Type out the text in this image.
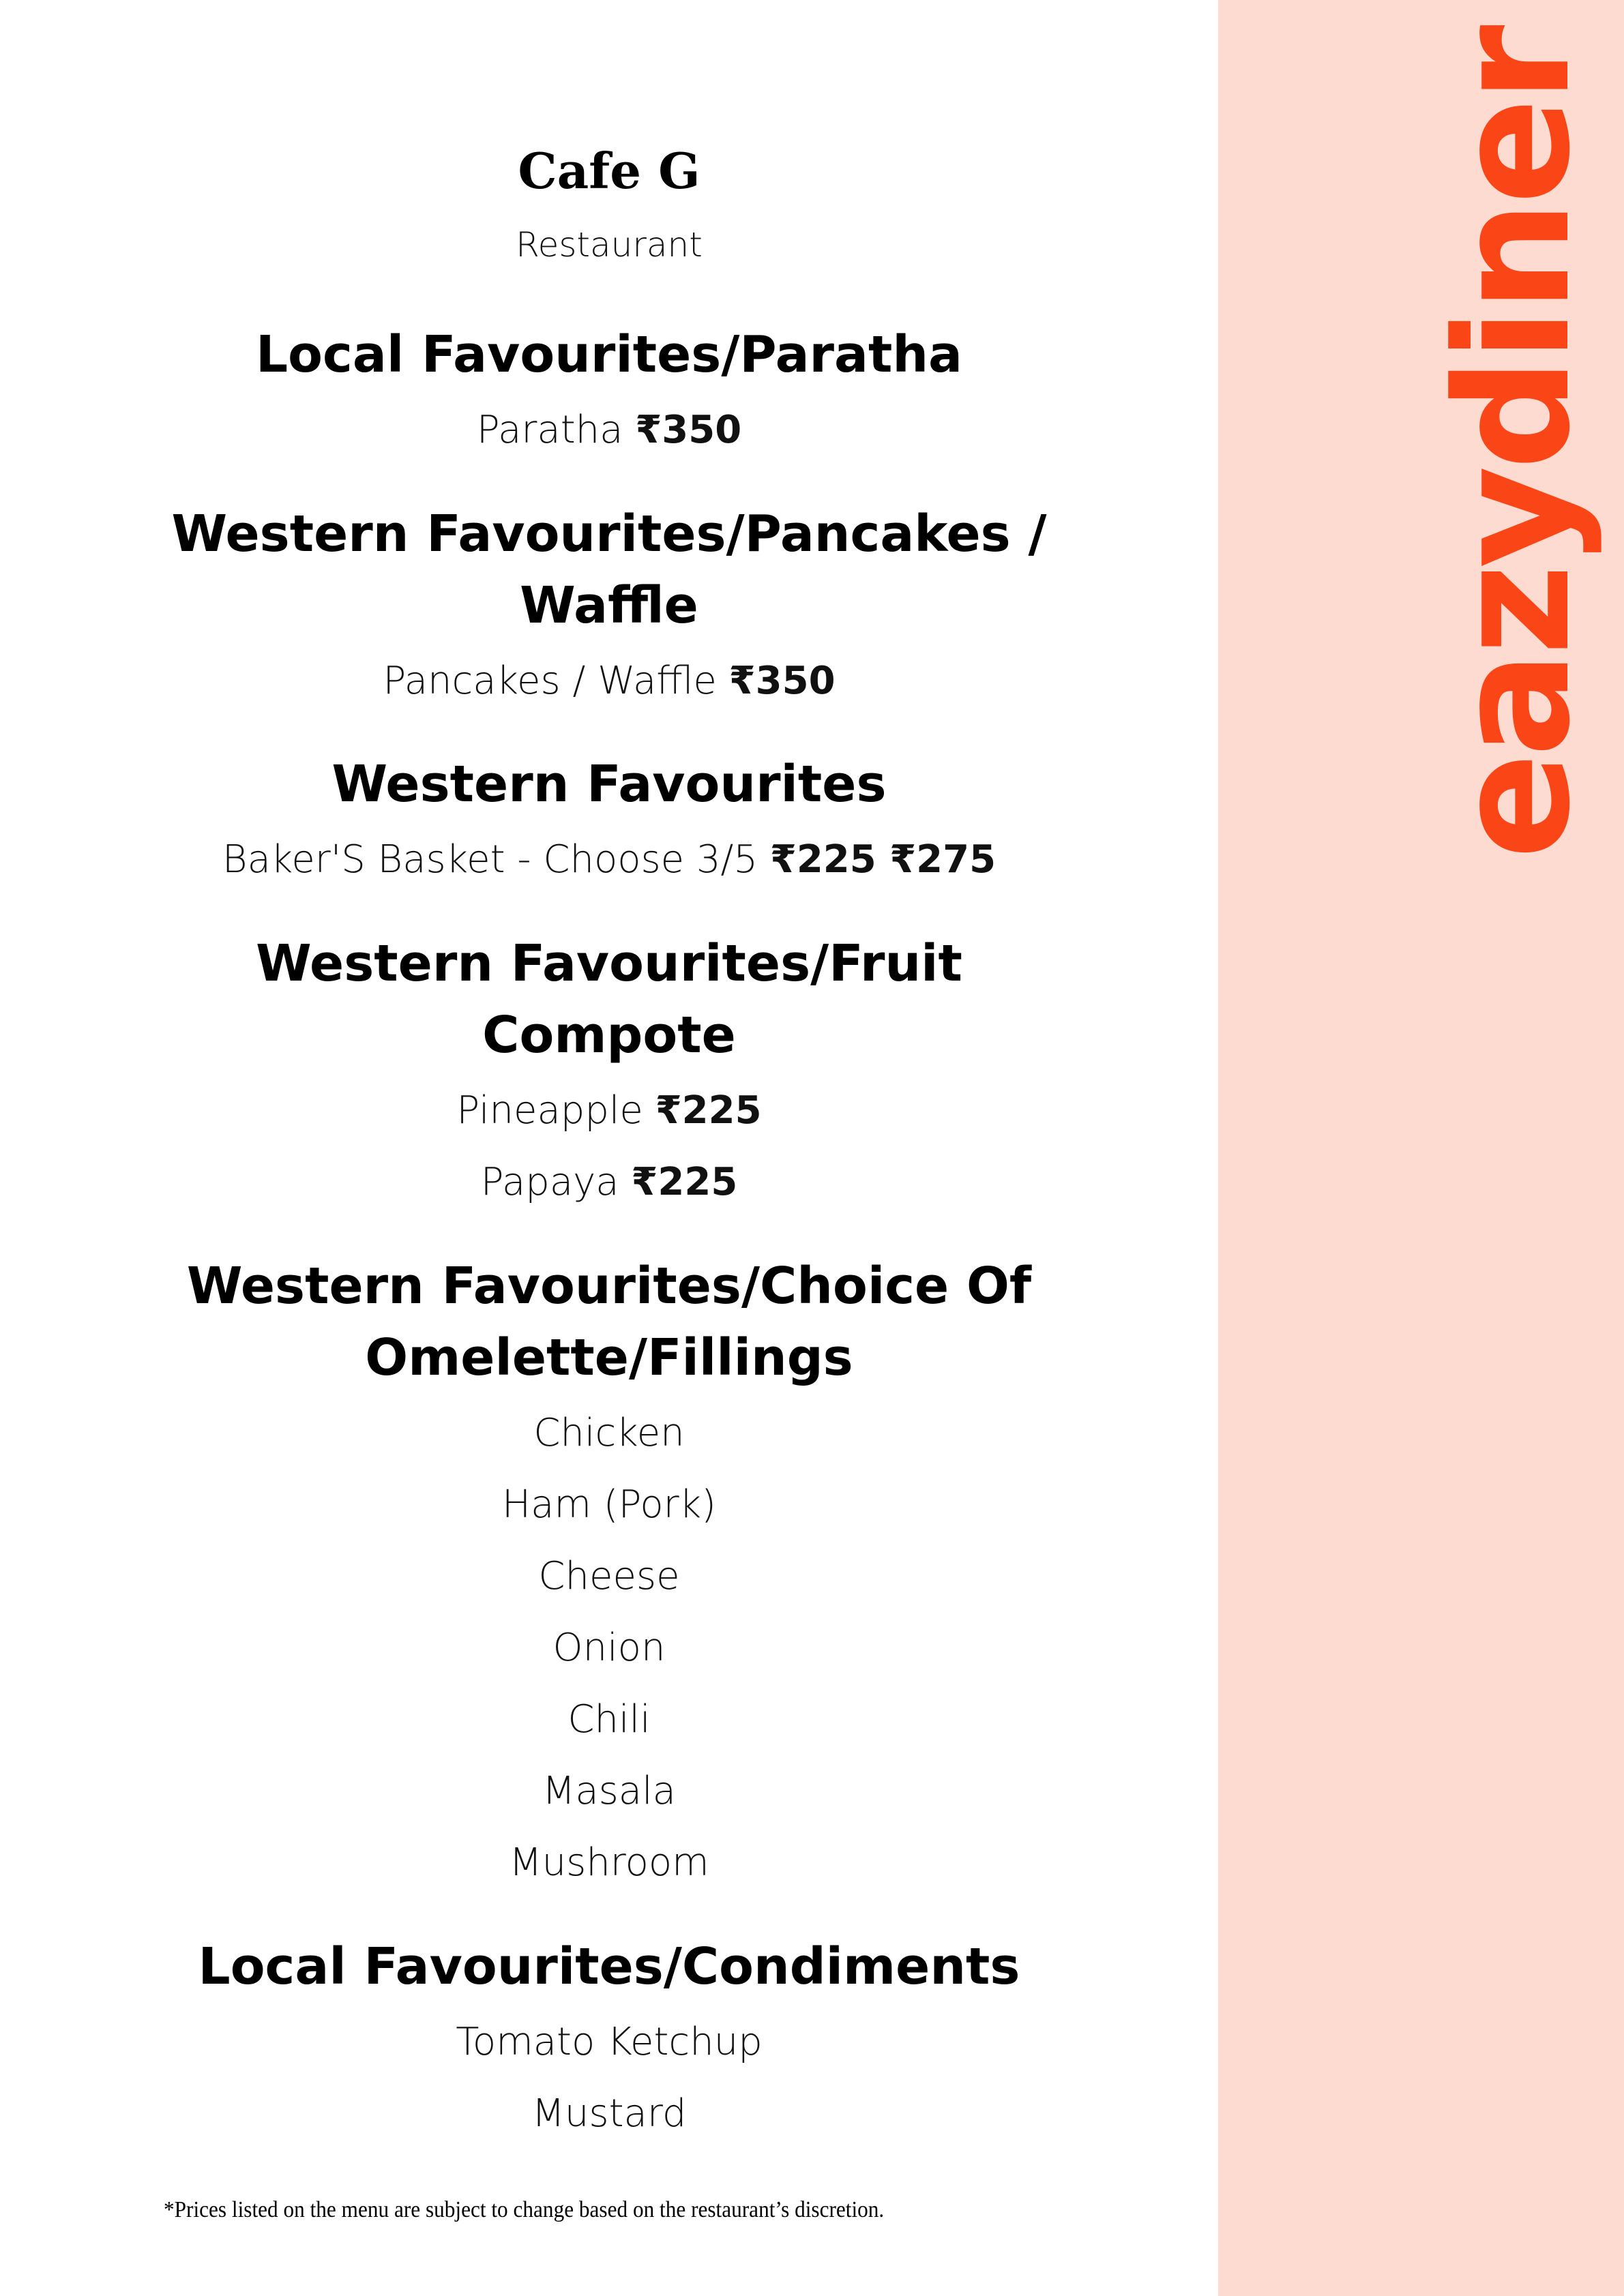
Cafe G
Restaurant
Local Favourites/Paratha
Paratha ₹350
Western Favourites/Pancakes /
Waffle
Pancakes / Waffle ₹350
Western Favourites
Baker'S Basket - Choose 3/5 ₹225 ₹275
Western Favourites/Fruit
Compote
Pineapple ₹225
Papaya ₹225
Western Favourites/Choice Of
Omelette/Fillings
Chicken
Ham (Pork)
Cheese
Onion
Chili
Masala
Mushroom
Local Favourites/Condiments
Tomato Ketchup
Mustard
*Prices listed on the menu are subject to change based on the restaurant’s discretion.
eazydiner
